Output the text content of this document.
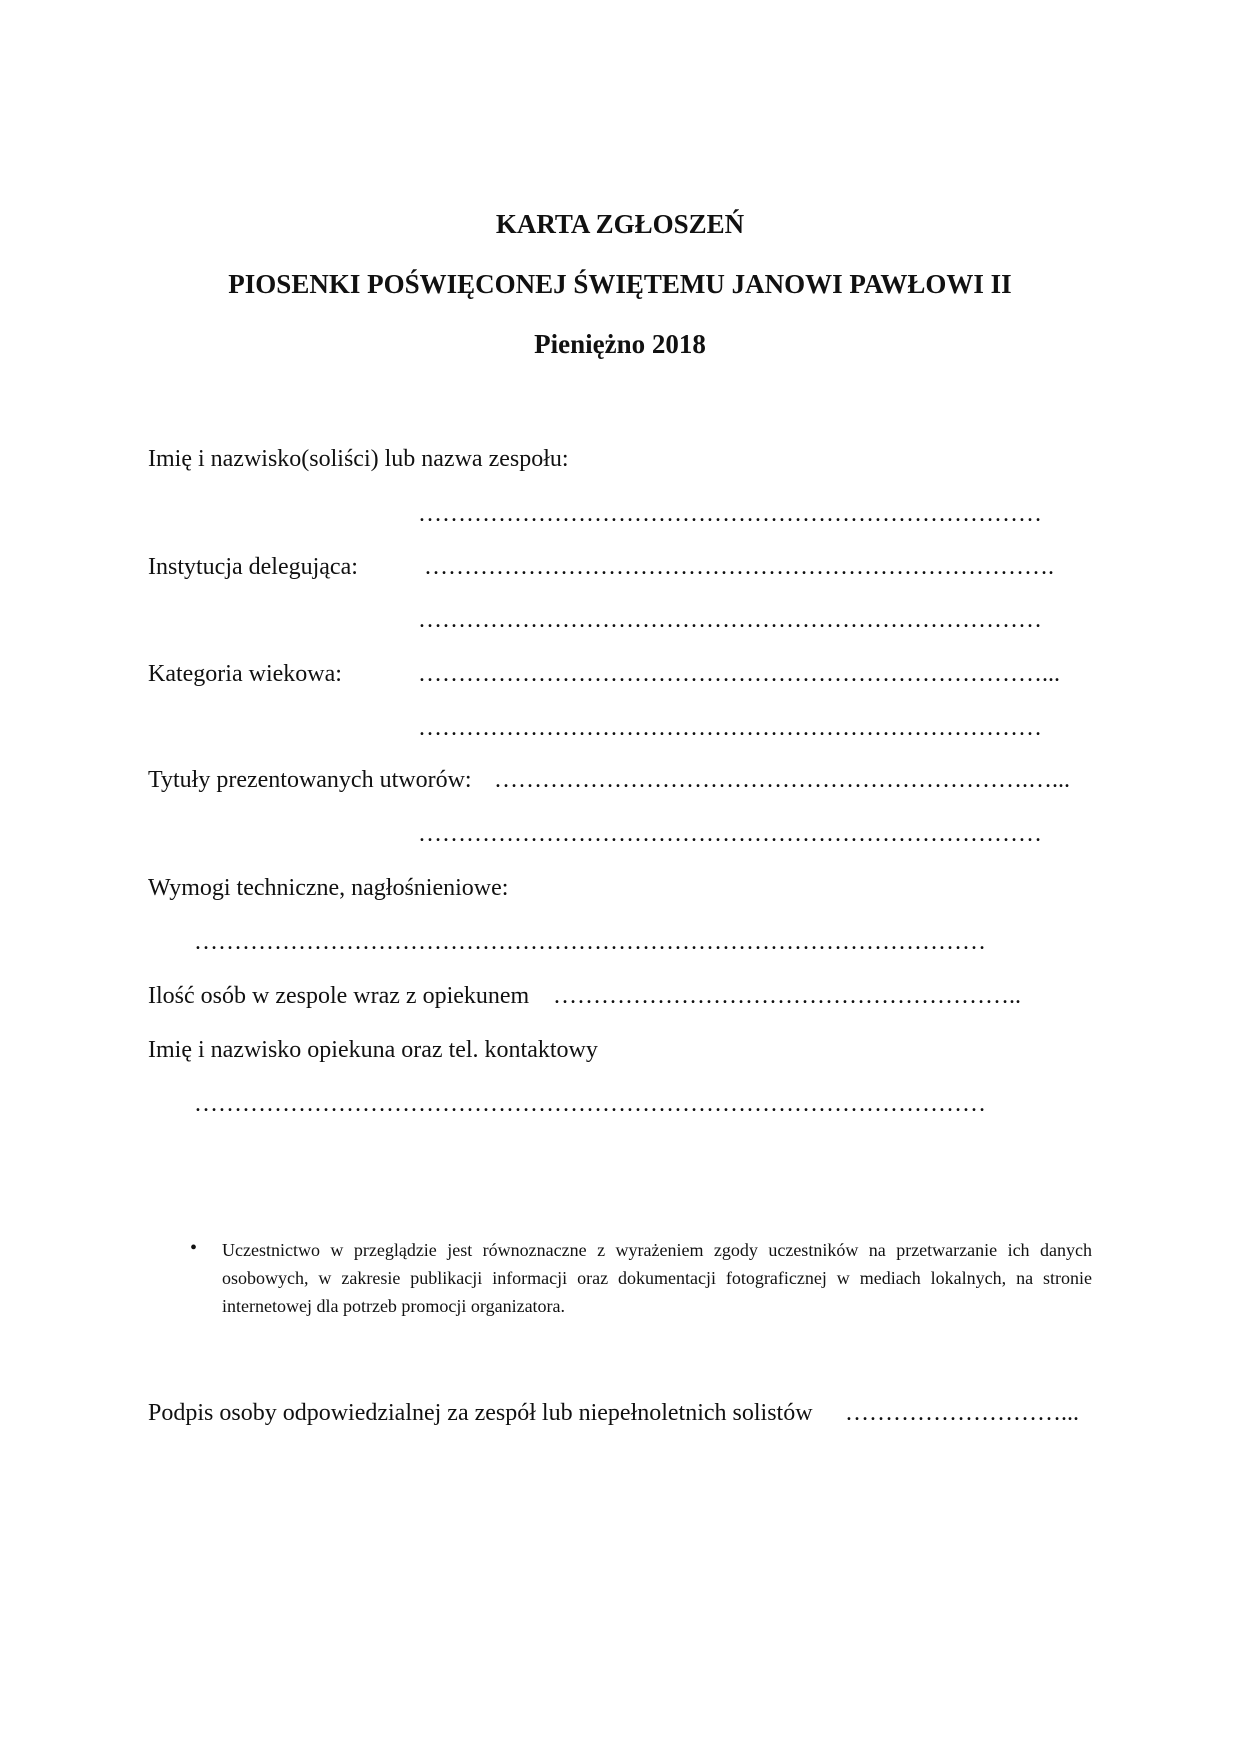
KARTA ZGŁOSZEŃ
PIOSENKI POŚWIĘCONEJ ŚWIĘTEMU JANOWI PAWŁOWI II
Pieniężno 2018
Imię i nazwisko(soliści) lub nazwa zespołu:
……………………………………………………………………
Instytucja delegująca:	…………………………………………………………………….
……………………………………………………………………
Kategoria wiekowa:	……………………………………………………………………...
……………………………………………………………………
Tytuły prezentowanych utworów: ………………………………………………………….…...
……………………………………………………………………
Wymogi techniczne, nagłośnieniowe:
………………………………………………………………………………………
Ilość osób w zespole wraz z opiekunem …………………………………………………..
Imię i nazwisko opiekuna oraz tel. kontaktowy
………………………………………………………………………………………
• Uczestnictwo w przeglądzie jest równoznaczne z wyrażeniem zgody uczestników na przetwarzanie ich danych osobowych, w zakresie publikacji informacji oraz dokumentacji fotograficznej w mediach lokalnych, na stronie internetowej dla potrzeb promocji organizatora.
Podpis osoby odpowiedzialnej za zespół lub niepełnoletnich solistów ………………………...
